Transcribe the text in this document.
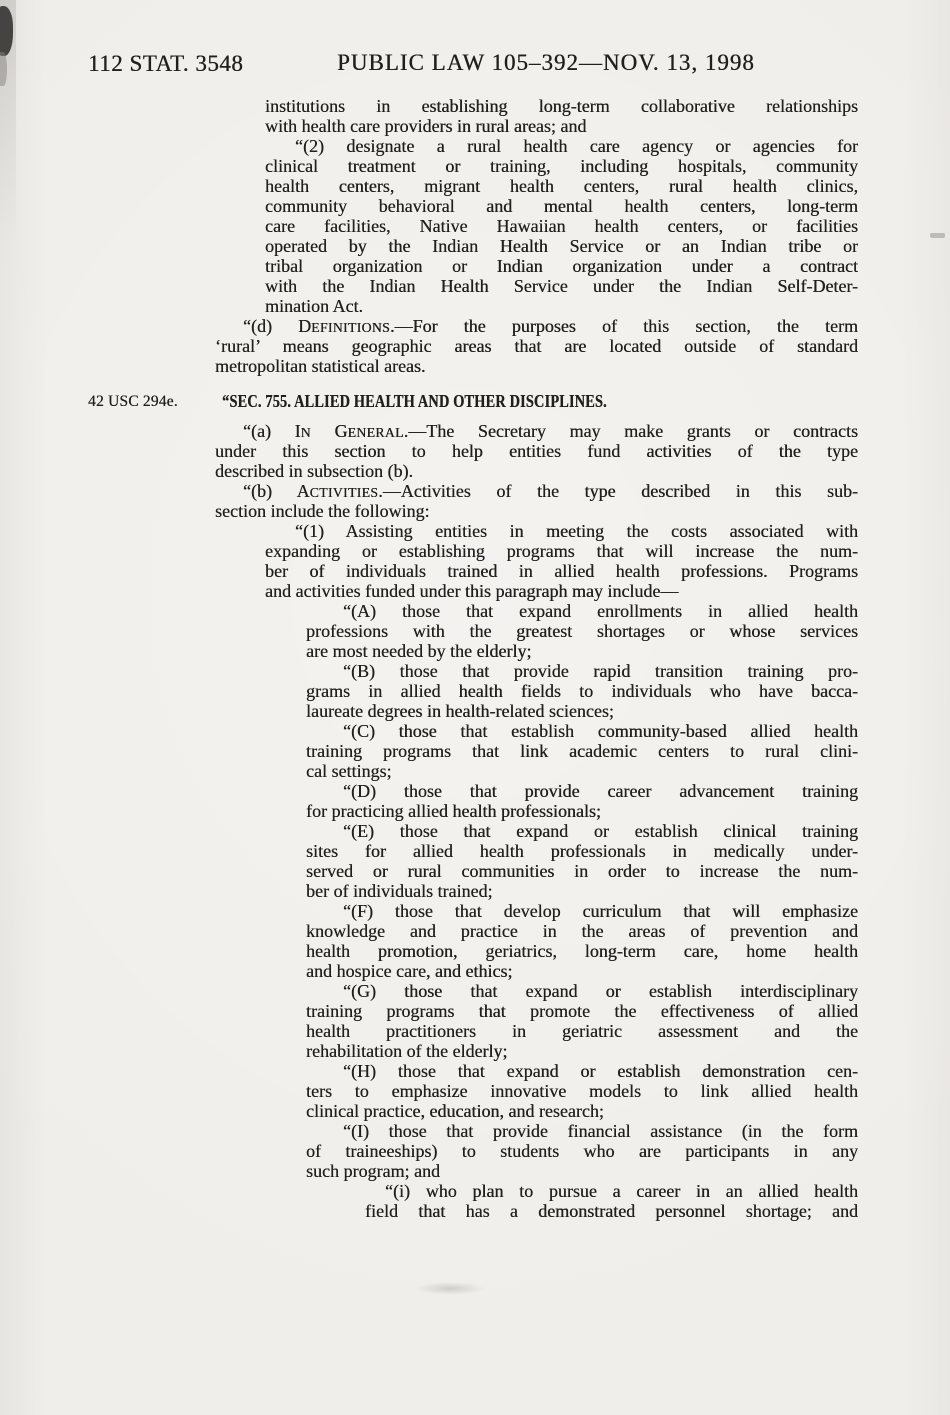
112 STAT. 3548	PUBLIC LAW 105–392—NOV. 13, 1998
institutions in establishing long-term collaborative relationships
with health care providers in rural areas; and
“(2) designate a rural health care agency or agencies for
clinical treatment or training, including hospitals, community
health centers, migrant health centers, rural health clinics,
community behavioral and mental health centers, long-term
care facilities, Native Hawaiian health centers, or facilities
operated by the Indian Health Service or an Indian tribe or
tribal organization or Indian organization under a contract
with the Indian Health Service under the Indian Self-Deter-
mination Act.
“(d) DEFINITIONS.—For the purposes of this section, the term
‘rural’ means geographic areas that are located outside of standard
metropolitan statistical areas.
42 USC 294e.	“SEC. 755. ALLIED HEALTH AND OTHER DISCIPLINES.
“(a) IN GENERAL.—The Secretary may make grants or contracts
under this section to help entities fund activities of the type
described in subsection (b).
“(b) ACTIVITIES.—Activities of the type described in this sub-
section include the following:
“(1) Assisting entities in meeting the costs associated with
expanding or establishing programs that will increase the num-
ber of individuals trained in allied health professions. Programs
and activities funded under this paragraph may include—
“(A) those that expand enrollments in allied health
professions with the greatest shortages or whose services
are most needed by the elderly;
“(B) those that provide rapid transition training pro-
grams in allied health fields to individuals who have bacca-
laureate degrees in health-related sciences;
“(C) those that establish community-based allied health
training programs that link academic centers to rural clini-
cal settings;
“(D) those that provide career advancement training
for practicing allied health professionals;
“(E) those that expand or establish clinical training
sites for allied health professionals in medically under-
served or rural communities in order to increase the num-
ber of individuals trained;
“(F) those that develop curriculum that will emphasize
knowledge and practice in the areas of prevention and
health promotion, geriatrics, long-term care, home health
and hospice care, and ethics;
“(G) those that expand or establish interdisciplinary
training programs that promote the effectiveness of allied
health practitioners in geriatric assessment and the
rehabilitation of the elderly;
“(H) those that expand or establish demonstration cen-
ters to emphasize innovative models to link allied health
clinical practice, education, and research;
“(I) those that provide financial assistance (in the form
of traineeships) to students who are participants in any
such program; and
“(i) who plan to pursue a career in an allied health
field that has a demonstrated personnel shortage; and
